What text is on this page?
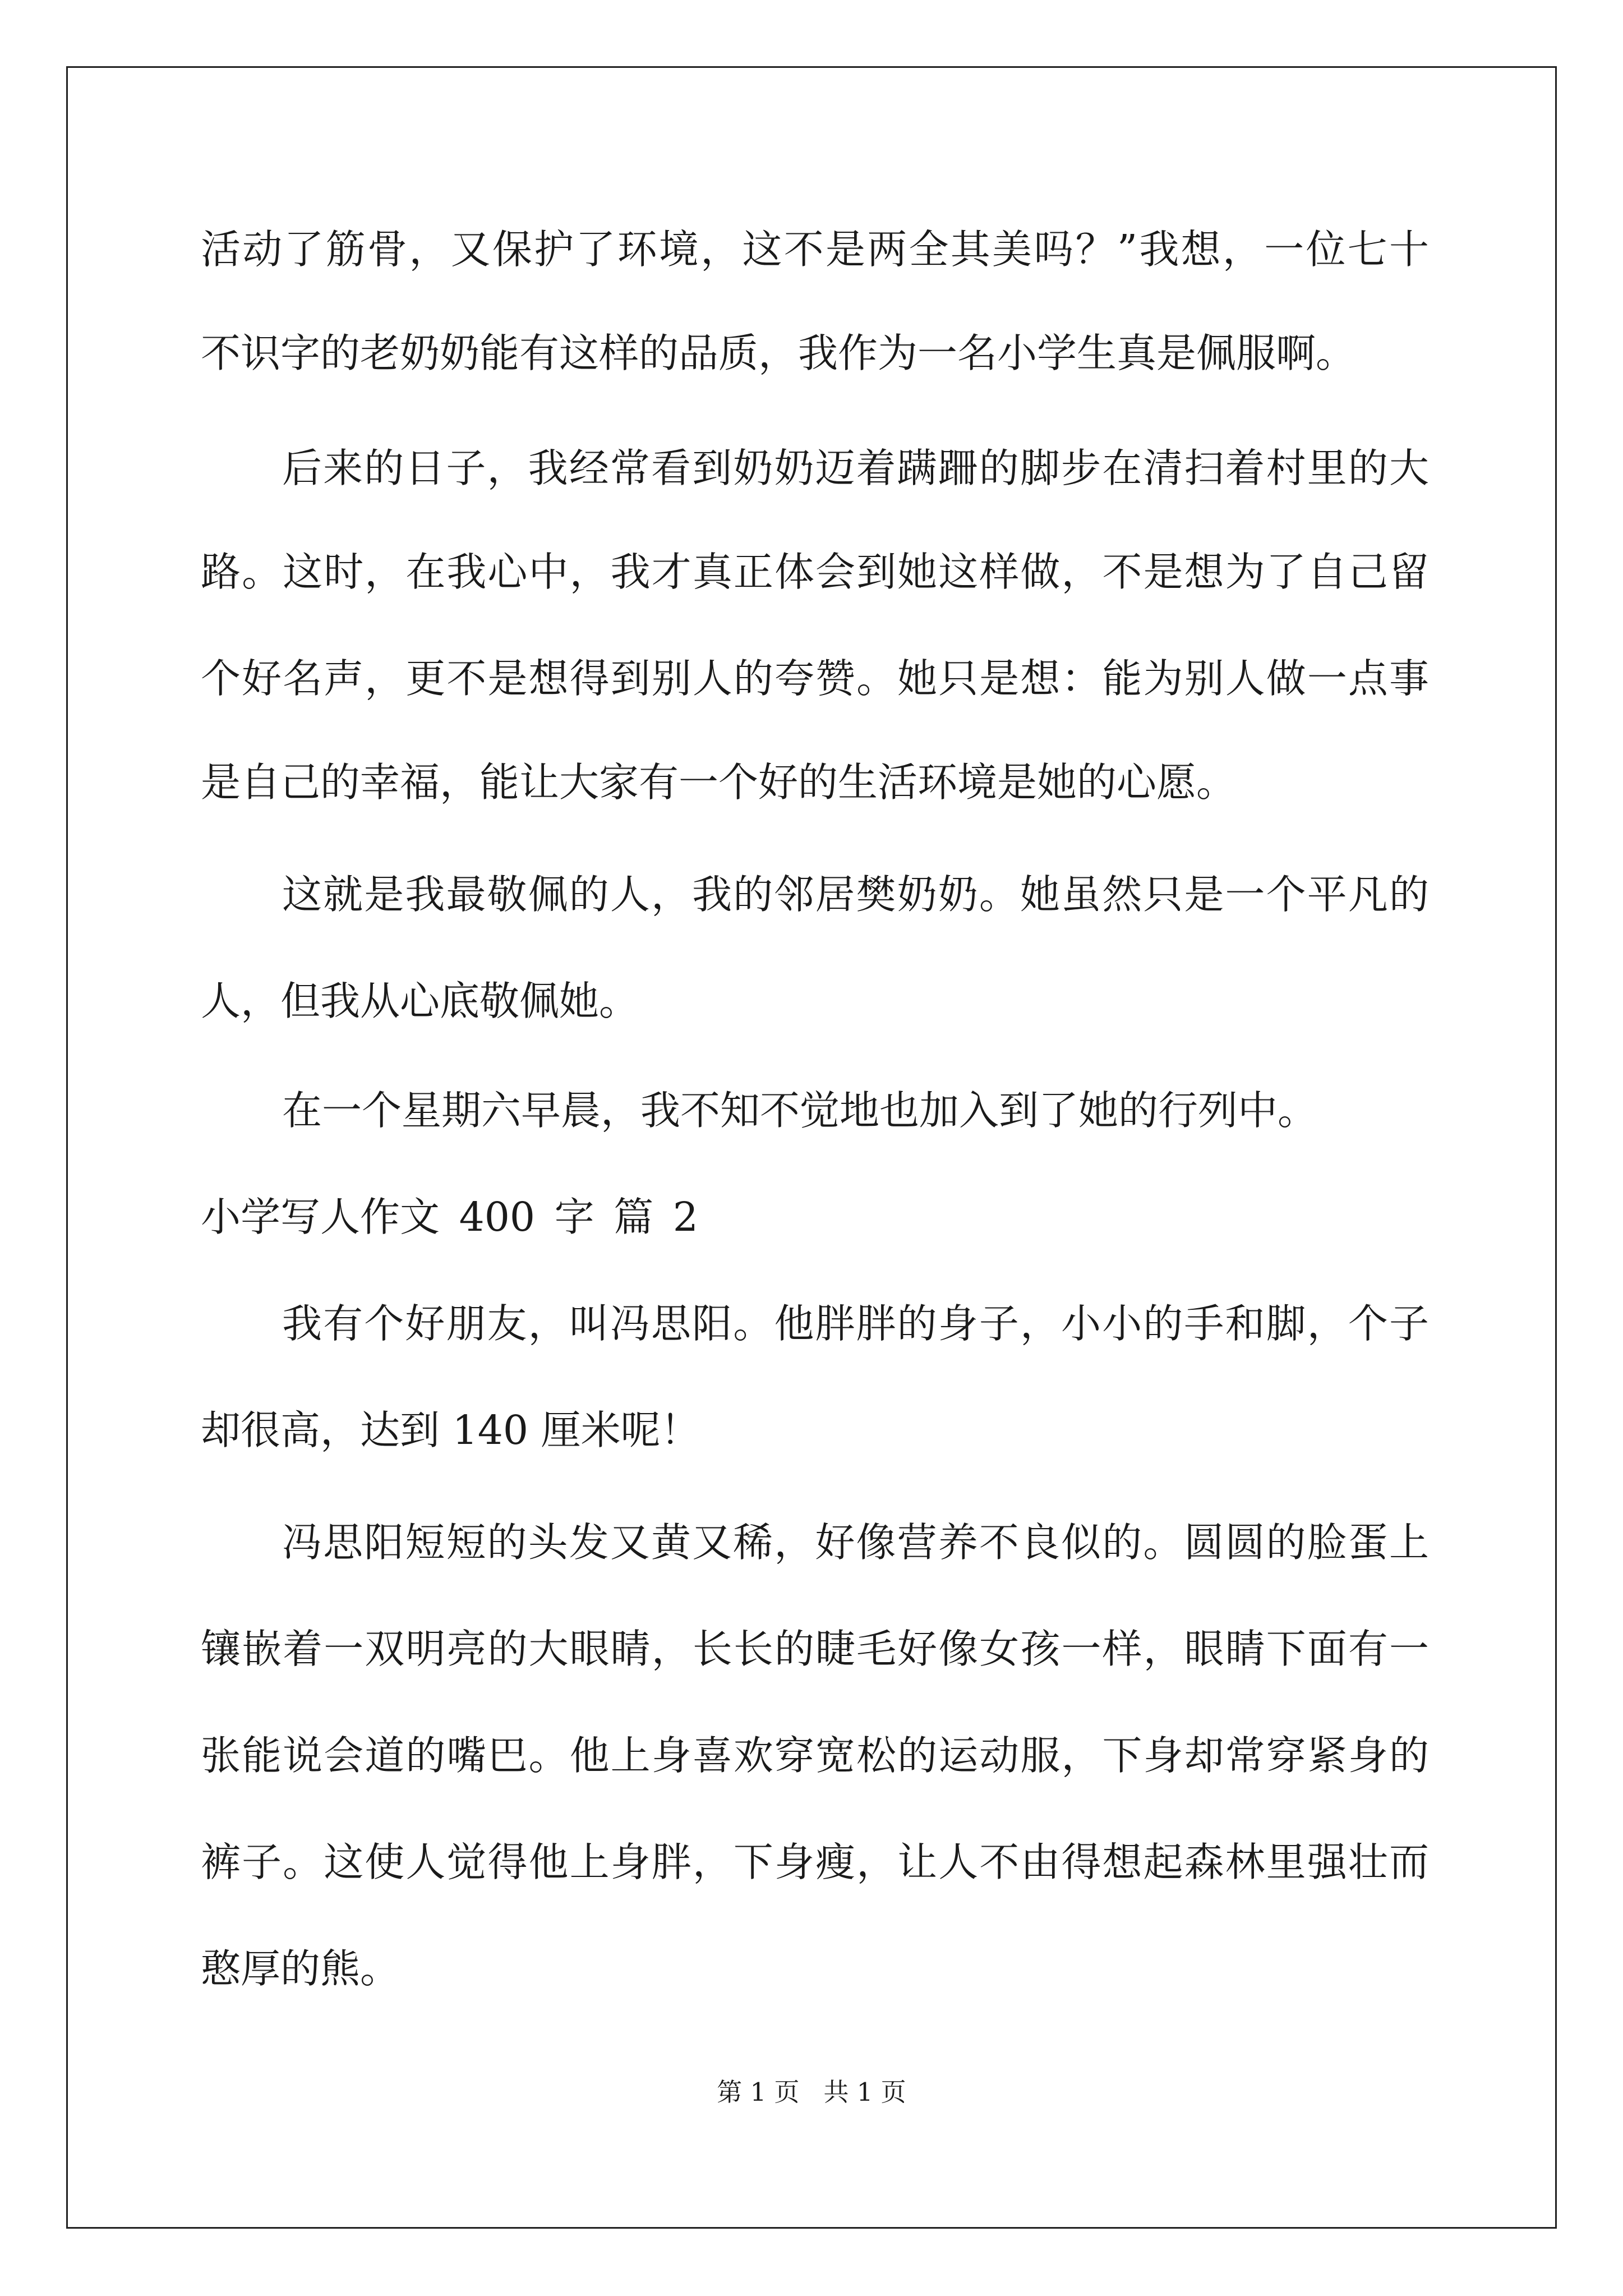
活动了筋骨，又保护了环境，这不是两全其美吗？”我想，一位七十
不识字的老奶奶能有这样的品质，我作为一名小学生真是佩服啊。
后来的日子，我经常看到奶奶迈着蹒跚的脚步在清扫着村里的大
路。这时，在我心中，我才真正体会到她这样做，不是想为了自己留
个好名声，更不是想得到别人的夸赞。她只是想：能为别人做一点事
是自己的幸福，能让大家有一个好的生活环境是她的心愿。
这就是我最敬佩的人，我的邻居樊奶奶。她虽然只是一个平凡的
人，但我从心底敬佩她。
在一个星期六早晨，我不知不觉地也加入到了她的行列中。
小学写人作文 400 字 篇 2
我有个好朋友，叫冯思阳。他胖胖的身子，小小的手和脚，个子
却很高，达到 140 厘米呢！
冯思阳短短的头发又黄又稀，好像营养不良似的。圆圆的脸蛋上
镶嵌着一双明亮的大眼睛，长长的睫毛好像女孩一样，眼睛下面有一
张能说会道的嘴巴。他上身喜欢穿宽松的运动服，下身却常穿紧身的
裤子。这使人觉得他上身胖，下身瘦，让人不由得想起森林里强壮而
憨厚的熊。
第 1 页   共 1 页
